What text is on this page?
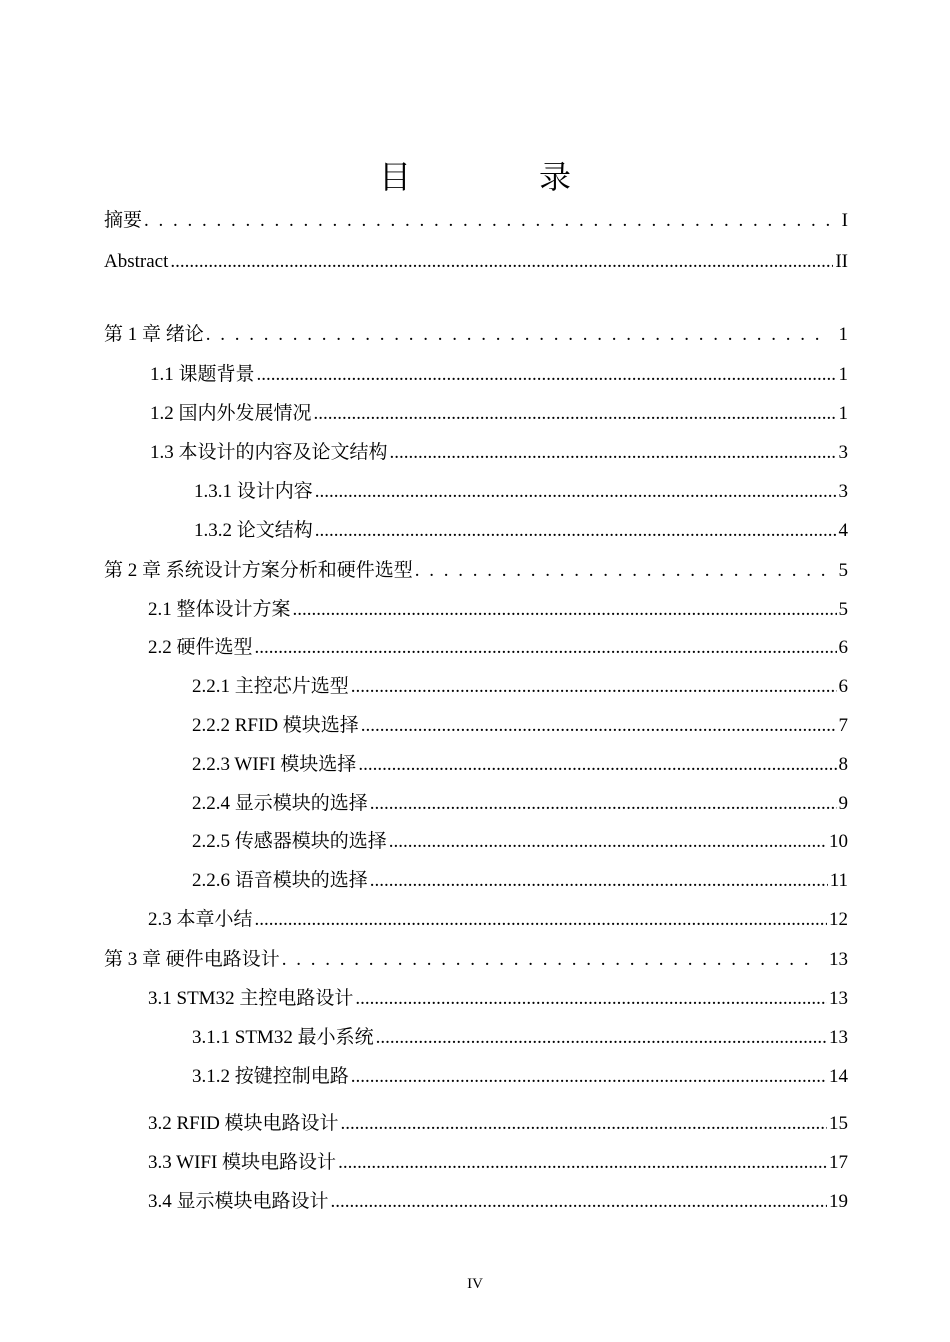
目 录
摘要 . . .	I
Abstract .....	II
第 1 章 绪论 . . .	1
1.1 课题背景 .....	1
1.2 国内外发展情况 .....	1
1.3 本设计的内容及论文结构 .....	3
1.3.1 设计内容 .....	3
1.3.2 论文结构 .....	4
第 2 章 系统设计方案分析和硬件选型 . . .	5
2.1 整体设计方案 .....	5
2.2 硬件选型 .....	6
2.2.1 主控芯片选型 .....	6
2.2.2 RFID 模块选择 .....	7
2.2.3 WIFI 模块选择 .....	8
2.2.4 显示模块的选择 .....	9
2.2.5 传感器模块的选择 .....	10
2.2.6 语音模块的选择 .....	11
2.3 本章小结 .....	12
第 3 章 硬件电路设计 . . .	13
3.1 STM32 主控电路设计 .....	13
3.1.1 STM32 最小系统 .....	13
3.1.2 按键控制电路 .....	14
3.2 RFID 模块电路设计 .....	15
3.3 WIFI 模块电路设计 .....	17
3.4 显示模块电路设计 .....	19
IV
